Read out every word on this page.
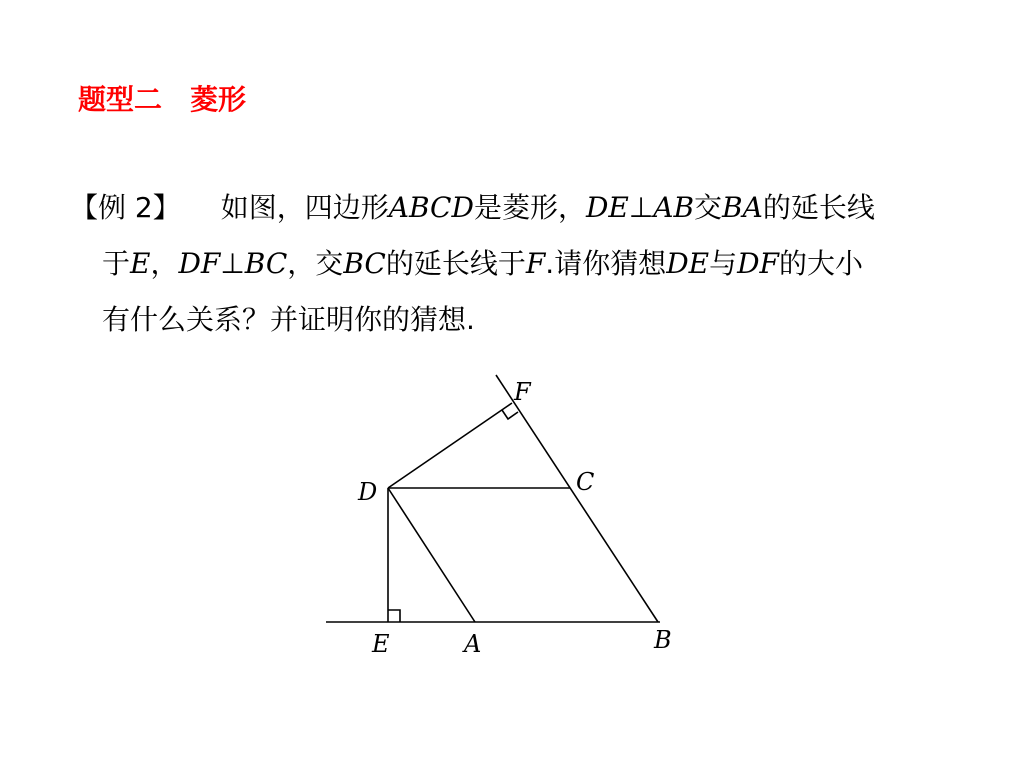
题型二　菱形
【例 2】 如图，四边形ABCD是菱形，DE⊥AB交BA的延长线
于E，DF⊥BC，交BC的延长线于F.请你猜想DE与DF的大小
有什么关系？并证明你的猜想.
F
C
D
E	A	B
